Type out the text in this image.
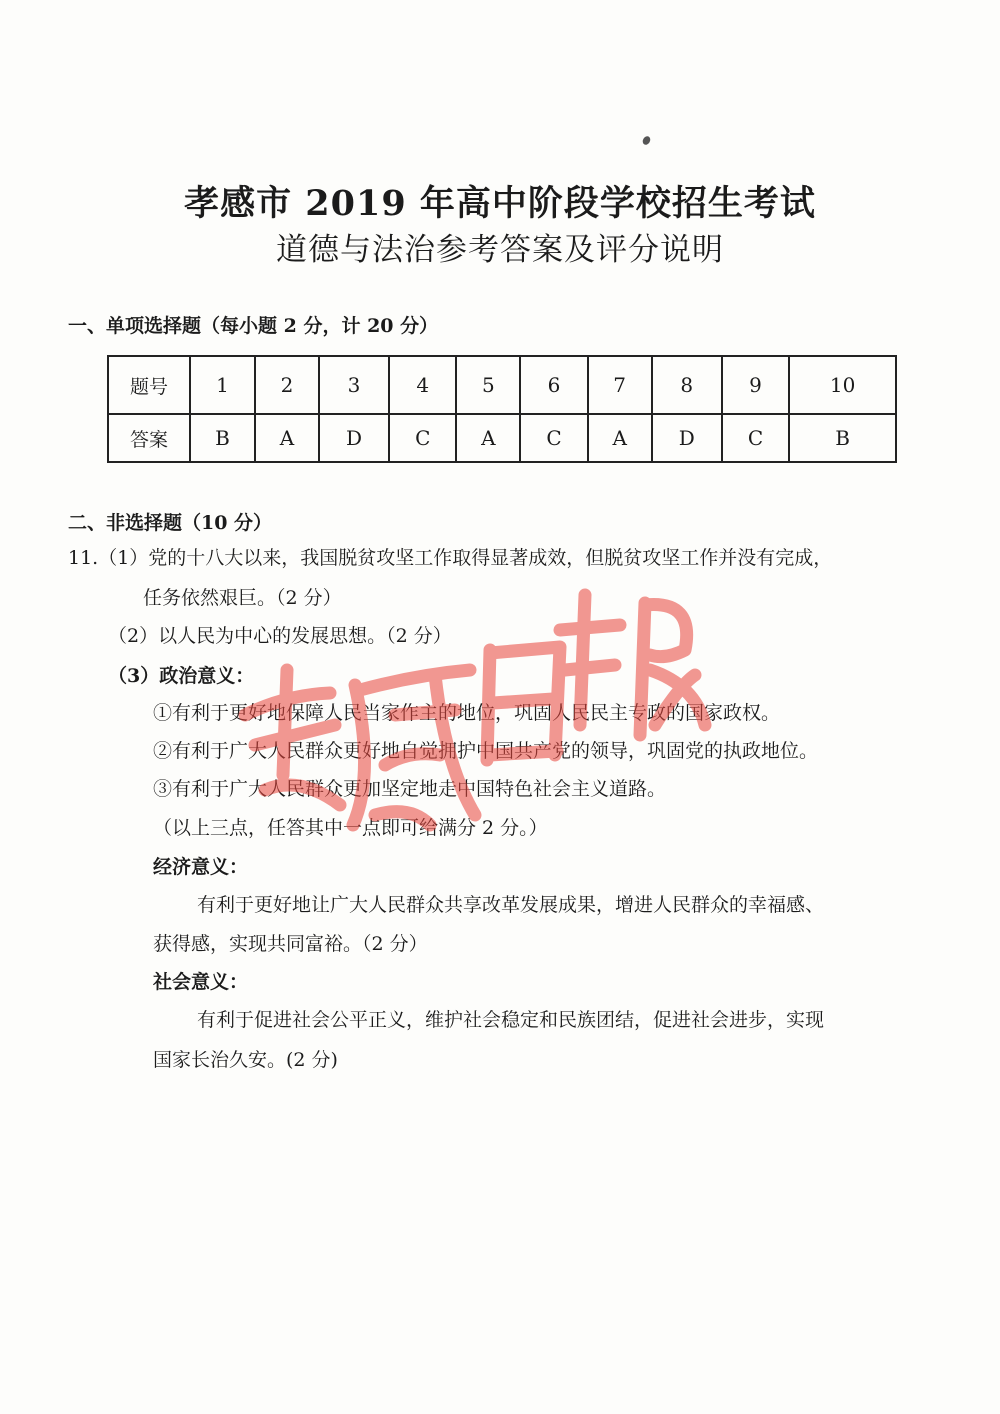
孝感市 2019 年高中阶段学校招生考试
道德与法治参考答案及评分说明
一、单项选择题（每小题 2 分，计 20 分）
题号	1	2	3	4	5	6	7	8	9	10
答案	B	A	D	C	A	C	A	D	C	B
二、非选择题（10 分）
11.（1）党的十八大以来，我国脱贫攻坚工作取得显著成效，但脱贫攻坚工作并没有完成，
任务依然艰巨。（2 分）
（2）以人民为中心的发展思想。（2 分）
（3）政治意义：
①有利于更好地保障人民当家作主的地位，巩固人民民主专政的国家政权。
②有利于广大人民群众更好地自觉拥护中国共产党的领导，巩固党的执政地位。
③有利于广大人民群众更加坚定地走中国特色社会主义道路。
（以上三点，任答其中一点即可给满分 2 分。）
经济意义：
有利于更好地让广大人民群众共享改革发展成果，增进人民群众的幸福感、
获得感，实现共同富裕。（2 分）
社会意义：
有利于促进社会公平正义，维护社会稳定和民族团结，促进社会进步，实现
国家长治久安。(2 分)
